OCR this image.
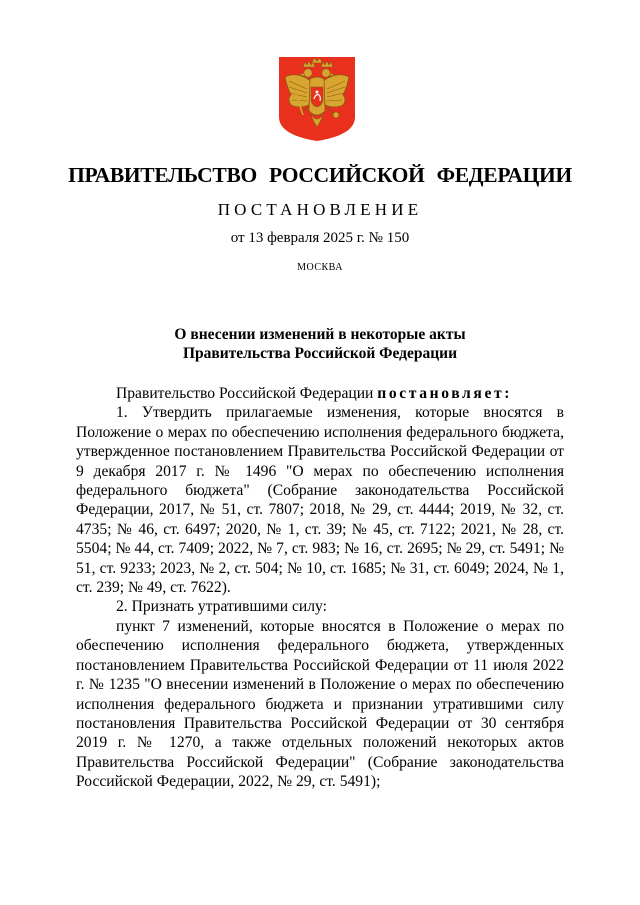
ПРАВИТЕЛЬСТВО РОССИЙСКОЙ ФЕДЕРАЦИИ
ПОСТАНОВЛЕНИЕ
от 13 февраля 2025 г. № 150
МОСКВА
О внесении изменений в некоторые акты
Правительства Российской Федерации

Правительство Российской Федерации постановляет:

1. Утвердить прилагаемые изменения, которые вносятся в Положение о мерах по обеспечению исполнения федерального бюджета, утвержденное постановлением Правительства Российской Федерации от 9 декабря 2017 г. № 1496 "О мерах по обеспечению исполнения федерального бюджета" (Собрание законодательства Российской Федерации, 2017, № 51, ст. 7807; 2018, № 29, ст. 4444; 2019, № 32, ст. 4735; № 46, ст. 6497; 2020, № 1, ст. 39; № 45, ст. 7122; 2021, № 28, ст. 5504; № 44, ст. 7409; 2022, № 7, ст. 983; № 16, ст. 2695; № 29, ст. 5491; № 51, ст. 9233; 2023, № 2, ст. 504; № 10, ст. 1685; № 31, ст. 6049; 2024, № 1, ст. 239; № 49, ст. 7622).

2. Признать утратившими силу:

пункт 7 изменений, которые вносятся в Положение о мерах по обеспечению исполнения федерального бюджета, утвержденных постановлением Правительства Российской Федерации от 11 июля 2022 г. № 1235 "О внесении изменений в Положение о мерах по обеспечению исполнения федерального бюджета и признании утратившими силу постановления Правительства Российской Федерации от 30 сентября 2019 г. № 1270, а также отдельных положений некоторых актов Правительства Российской Федерации" (Собрание законодательства Российской Федерации, 2022, № 29, ст. 5491);
